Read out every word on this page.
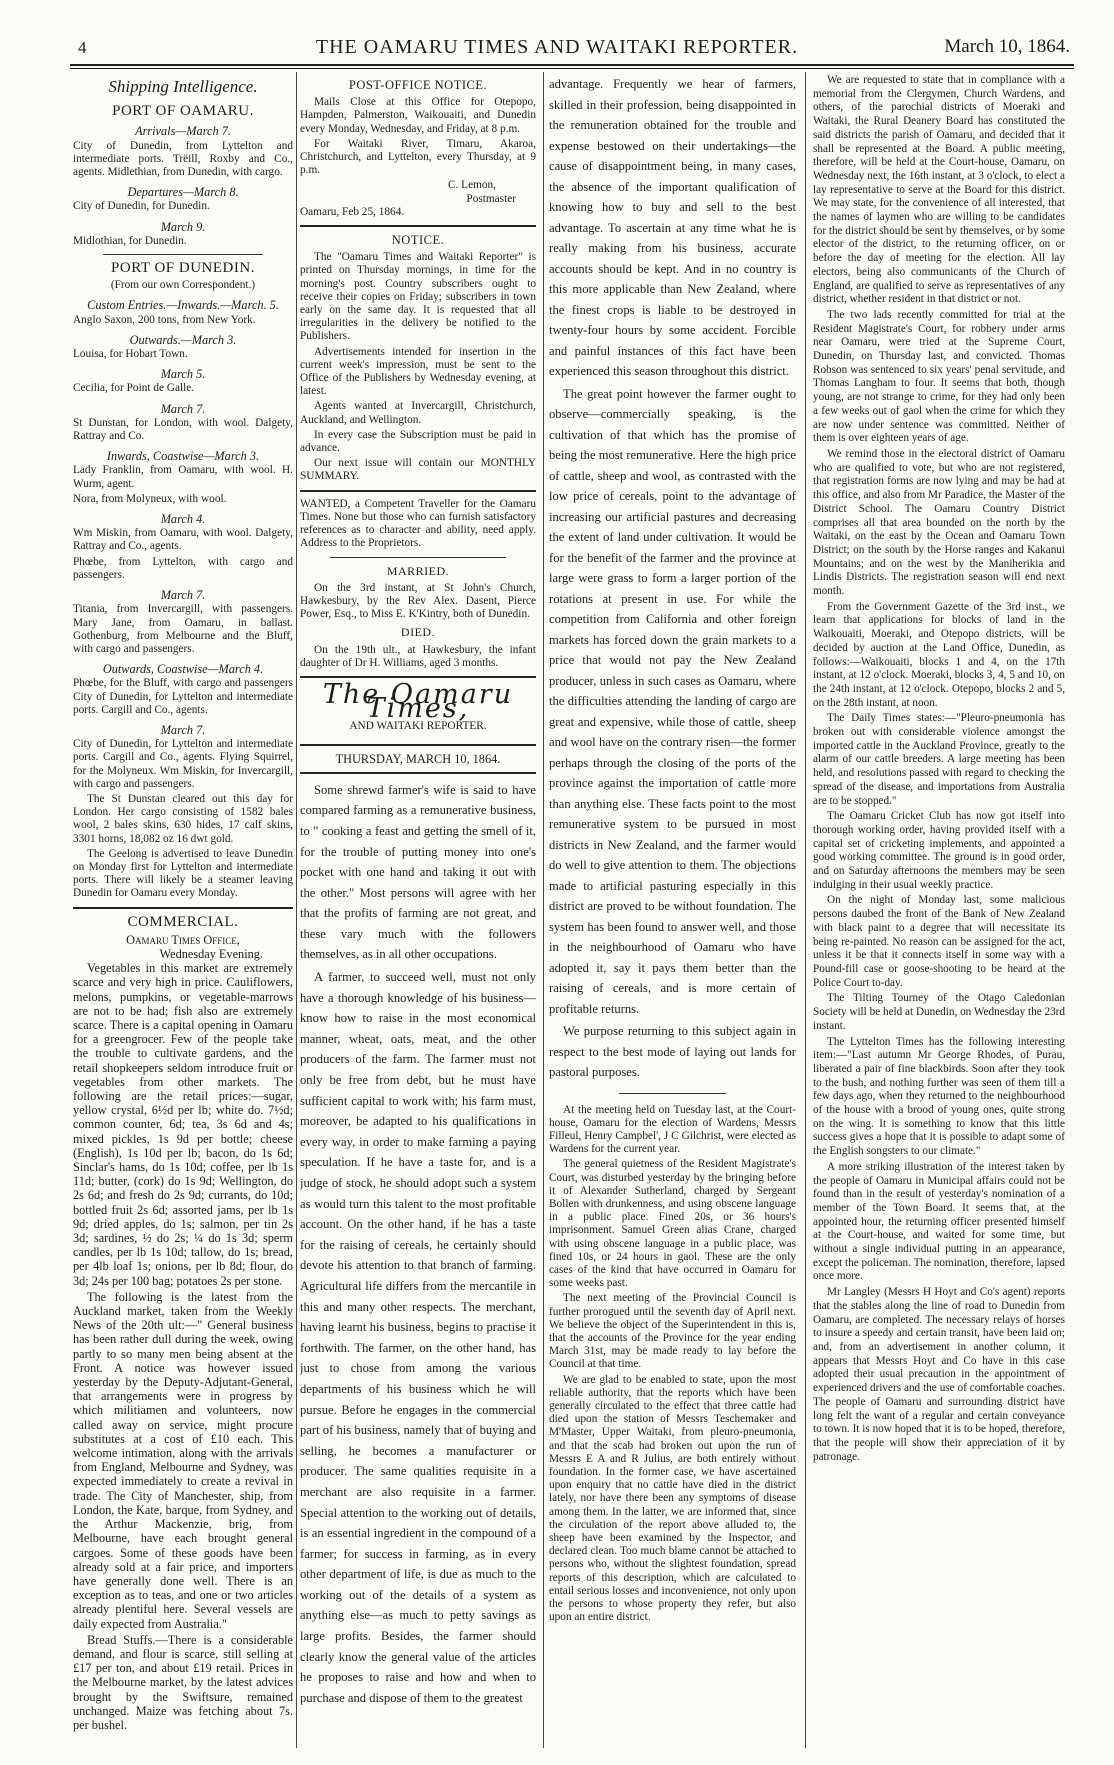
4	THE OAMARU TIMES AND WAITAKI REPORTER.	March 10, 1864.
Shipping Intelligence.
PORT OF OAMARU.
Arrivals—March 7.

City of Dunedin, from Lyttelton and intermediate ports. Trëill, Roxby and Co., agents. Midlethian, from Dunedin, with cargo.

Departures—March 8.

City of Dunedin, for Dunedin.

March 9.

Midlothian, for Dunedin.

PORT OF DUNEDIN.
(From our own Correspondent.)
Custom Entries.—Inwards.—March. 5.

Anglo Saxon, 200 tons, from New York.

Outwards.—March 3.

Louisa, for Hobart Town.

March 5.

Cecilia, for Point de Galle.

March 7.

St Dunstan, for London, with wool. Dalgety, Rattray and Co.

Inwards, Coastwise—March 3.

Lady Franklin, from Oamaru, with wool. H. Wurm, agent.

Nora, from Molyneux, with wool.

March 4.

Wm Miskin, from Oamaru, with wool. Dalgety, Rattray and Co., agents.

Phœbe, from Lyttelton, with cargo and passengers.

March 7.

Titania, from Invercargill, with passengers. Mary Jane, from Oamaru, in ballast. Gothenburg, from Melbourne and the Bluff, with cargo and passengers.

Outwards, Coastwise—March 4.

Phœbe, for the Bluff, with cargo and passengers City of Dunedin, for Lyttelton and intermediate ports. Cargill and Co., agents.

March 7.

City of Dunedin, for Lyttelton and intermediate ports. Cargill and Co., agents. Flying Squirrel, for the Molyneux. Wm Miskin, for Invercargill, with cargo and passengers.

The St Dunstan cleared out this day for London. Her cargo consisting of 1582 bales wool, 2 bales skins, 630 hides, 17 calf skins, 3301 horns, 18,082 oz 16 dwt gold.

The Geelong is advertised to leave Dunedin on Monday first for Lyttelton and intermediate ports. There will likely be a steamer leaving Dunedin for Oamaru every Monday.

COMMERCIAL.
Oamaru Times Office,
Wednesday Evening.

Vegetables in this market are extremely scarce and very high in price. Cauliflowers, melons, pumpkins, or vegetable-marrows are not to be had; fish also are extremely scarce. There is a capital opening in Oamaru for a greengrocer. Few of the people take the trouble to cultivate gardens, and the retail shopkeepers seldom introduce fruit or vegetables from other markets. The following are the retail prices:—sugar, yellow crystal, 6½d per lb; white do. 7½d; common counter, 6d; tea, 3s 6d and 4s; mixed pickles, 1s 9d per bottle; cheese (English), 1s 10d per lb; bacon, do 1s 6d; Sinclar's hams, do 1s 10d; coffee, per lb 1s 11d; butter, (cork) do 1s 9d; Wellington, do 2s 6d; and fresh do 2s 9d; currants, do 10d; bottled fruit 2s 6d; assorted jams, per lb 1s 9d; dried apples, do 1s; salmon, per tin 2s 3d; sardines, ½ do 2s; ¼ do 1s 3d; sperm candles, per lb 1s 10d; tallow, do 1s; bread, per 4lb loaf 1s; onions, per lb 8d; flour, do 3d; 24s per 100 bag; potatoes 2s per stone.

The following is the latest from the Auckland market, taken from the Weekly News of the 20th ult:—" General business has been rather dull during the week, owing partly to so many men being absent at the Front. A notice was however issued yesterday by the Deputy-Adjutant-General, that arrangements were in progress by which militiamen and volunteers, now called away on service, might procure substitutes at a cost of £10 each. This welcome intimation, along with the arrivals from England, Melbourne and Sydney, was expected immediately to create a revival in trade. The City of Manchester, ship, from London, the Kate, barque, from Sydney, and the Arthur Mackenzie, brig, from Melbourne, have each brought general cargoes. Some of these goods have been already sold at a fair price, and importers have generally done well. There is an exception as to teas, and one or two articles already plentiful here. Several vessels are daily expected from Australia."

Bread Stuffs.—There is a considerable demand, and flour is scarce, still selling at £17 per ton, and about £19 retail. Prices in the Melbourne market, by the latest advices brought by the Swiftsure, remained unchanged. Maize was fetching about 7s. per bushel.

POST-OFFICE NOTICE.

Mails Close at this Office for Otepopo, Hampden, Palmerston, Waikouaiti, and Dunedin every Monday, Wednesday, and Friday, at 8 p.m.

For Waitaki River, Timaru, Akaroa, Christchurch, and Lyttelton, every Thursday, at 9 p.m.

C. Lemon,
Postmaster
Oamaru, Feb 25, 1864.
NOTICE.

The "Oamaru Times and Waitaki Reporter" is printed on Thursday mornings, in time for the morning's post. Country subscribers ought to receive their copies on Friday; subscribers in town early on the same day. It is requested that all irregularities in the delivery be notified to the Publishers.

Advertisements intended for insertion in the current week's impression, must be sent to the Office of the Publishers by Wednesday evening, at latest.

Agents wanted at Invercargill, Christchurch, Auckland, and Wellington.

In every case the Subscription must be paid in advance.

Our next issue will contain our MONTHLY SUMMARY.

WANTED, a Competent Traveller for the Oamaru Times. None but those who can furnish satisfactory references as to character and ability, need apply. Address to the Proprietors.

MARRIED.

On the 3rd instant, at St John's Church, Hawkesbury, by the Rev Alex. Dasent, Pierce Power, Esq., to Miss E. K'Kintry, both of Dunedin.

DIED.

On the 19th ult., at Hawkesbury, the infant daughter of Dr H. Williams, aged 3 months.

The Oamaru Times,
AND WAITAKI REPORTER.
THURSDAY, MARCH 10, 1864.

Some shrewd farmer's wife is said to have compared farming as a remunerative business, to " cooking a feast and getting the smell of it, for the trouble of putting money into one's pocket with one hand and taking it out with the other." Most persons will agree with her that the profits of farming are not great, and these vary much with the followers themselves, as in all other occupations.

A farmer, to succeed well, must not only have a thorough knowledge of his business—know how to raise in the most economical manner, wheat, oats, meat, and the other producers of the farm. The farmer must not only be free from debt, but he must have sufficient capital to work with; his farm must, moreover, be adapted to his qualifications in every way, in order to make farming a paying speculation. If he have a taste for, and is a judge of stock, he should adopt such a system as would turn this talent to the most profitable account. On the other hand, if he has a taste for the raising of cereals, he certainly should devote his attention to that branch of farming. Agricultural life differs from the mercantile in this and many other respects. The merchant, having learnt his business, begins to practise it forthwith. The farmer, on the other hand, has just to chose from among the various departments of his business which he will pursue. Before he engages in the commercial part of his business, namely that of buying and selling, he becomes a manufacturer or producer. The same qualities requisite in a merchant are also requisite in a farmer. Special attention to the working out of details, is an essential ingredient in the compound of a farmer; for success in farming, as in every other department of life, is due as much to the working out of the details of a system as anything else—as much to petty savings as large profits. Besides, the farmer should clearly know the general value of the articles he proposes to raise and how and when to purchase and dispose of them to the greatest

advantage. Frequently we hear of farmers, skilled in their profession, being disappointed in the remuneration obtained for the trouble and expense bestowed on their undertakings—the cause of disappointment being, in many cases, the absence of the important qualification of knowing how to buy and sell to the best advantage. To ascertain at any time what he is really making from his business, accurate accounts should be kept. And in no country is this more applicable than New Zealand, where the finest crops is liable to be destroyed in twenty-four hours by some accident. Forcible and painful instances of this fact have been experienced this season throughout this district.

The great point however the farmer ought to observe—commercially speaking, is the cultivation of that which has the promise of being the most remunerative. Here the high price of cattle, sheep and wool, as contrasted with the low price of cereals, point to the advantage of increasing our artificial pastures and decreasing the extent of land under cultivation. It would be for the benefit of the farmer and the province at large were grass to form a larger portion of the rotations at present in use. For while the competition from California and other foreign markets has forced down the grain markets to a price that would not pay the New Zealand producer, unless in such cases as Oamaru, where the difficulties attending the landing of cargo are great and expensive, while those of cattle, sheep and wool have on the contrary risen—the former perhaps through the closing of the ports of the province against the importation of cattle more than anything else. These facts point to the most remunerative system to be pursued in most districts in New Zealand, and the farmer would do well to give attention to them. The objections made to artificial pasturing especially in this district are proved to be without foundation. The system has been found to answer well, and those in the neighbourhood of Oamaru who have adopted it, say it pays them better than the raising of cereals, and is more certain of profitable returns.

We purpose returning to this subject again in respect to the best mode of laying out lands for pastoral purposes.

At the meeting held on Tuesday last, at the Court-house, Oamaru for the election of Wardens, Messrs Filleul, Henry Campbel', J C Gilchrist, were elected as Wardens for the current year.

The general quietness of the Resident Magistrate's Court, was disturbed yesterday by the bringing before it of Alexander Sutherland, charged by Sergeant Bollen with drunkenness, and using obscene language in a public place. Fined 20s, or 36 hours's imprisonment. Samuel Green alias Crane, charged with using obscene language in a public place, was fined 10s, or 24 hours in gaol. These are the only cases of the kind that have occurred in Oamaru for some weeks past.

The next meeting of the Provincial Council is further prorogued until the seventh day of April next. We believe the object of the Superintendent in this is, that the accounts of the Province for the year ending March 31st, may be made ready to lay before the Council at that time.

We are glad to be enabled to state, upon the most reliable authority, that the reports which have been generally circulated to the effect that three cattle had died upon the station of Messrs Teschemaker and M'Master, Upper Waitaki, from pleuro-pneumonia, and that the scab had broken out upon the run of Messrs E A and R Julius, are both entirely without foundation. In the former case, we have ascertained upon enquiry that no cattle have died in the district lately, nor have there been any symptoms of disease among them. In the latter, we are informed that, since the circulation of the report above alluded to, the sheep have been examined by the Inspector, and declared clean. Too much blame cannot be attached to persons who, without the slightest foundation, spread reports of this description, which are calculated to entail serious losses and inconvenience, not only upon the persons to whose property they refer, but also upon an entire district.

We are requested to state that in compliance with a memorial from the Clergymen, Church Wardens, and others, of the parochial districts of Moeraki and Waitaki, the Rural Deanery Board has constituted the said districts the parish of Oamaru, and decided that it shall be represented at the Board. A public meeting, therefore, will be held at the Court-house, Oamaru, on Wednesday next, the 16th instant, at 3 o'clock, to elect a lay representative to serve at the Board for this district. We may state, for the convenience of all interested, that the names of laymen who are willing to be candidates for the district should be sent by themselves, or by some elector of the district, to the returning officer, on or before the day of meeting for the election. All lay electors, being also communicants of the Church of England, are qualified to serve as representatives of any district, whether resident in that district or not.

The two lads recently committed for trial at the Resident Magistrate's Court, for robbery under arms near Oamaru, were tried at the Supreme Court, Dunedin, on Thursday last, and convicted. Thomas Robson was sentenced to six years' penal servitude, and Thomas Langham to four. It seems that both, though young, are not strange to crime, for they had only been a few weeks out of gaol when the crime for which they are now under sentence was committed. Neither of them is over eighteen years of age.

We remind those in the electoral district of Oamaru who are qualified to vote, but who are not registered, that registration forms are now lying and may be had at this office, and also from Mr Paradice, the Master of the District School. The Oamaru Country District comprises all that area bounded on the north by the Waitaki, on the east by the Ocean and Oamaru Town District; on the south by the Horse ranges and Kakanui Mountains; and on the west by the Maniherikia and Lindis Districts. The registration season will end next month.

From the Government Gazette of the 3rd inst., we learn that applications for blocks of land in the Waikouaiti, Moeraki, and Otepopo districts, will be decided by auction at the Land Office, Dunedin, as follows:—Waikouaiti, blocks 1 and 4, on the 17th instant, at 12 o'clock. Moeraki, blocks 3, 4, 5 and 10, on the 24th instant, at 12 o'clock. Otepopo, blocks 2 and 5, on the 28th instant, at noon.

The Daily Times states:—"Pleuro-pneumonia has broken out with considerable violence amongst the imported cattle in the Auckland Province, greatly to the alarm of our cattle breeders. A large meeting has been held, and resolutions passed with regard to checking the spread of the disease, and importations from Australia are to be stopped."

The Oamaru Cricket Club has now got itself into thorough working order, having provided itself with a capital set of cricketing implements, and appointed a good working committee. The ground is in good order, and on Saturday afternoons the members may be seen indulging in their usual weekly practice.

On the night of Monday last, some malicious persons daubed the front of the Bank of New Zealand with black paint to a degree that will necessitate its being re-painted. No reason can be assigned for the act, unless it be that it connects itself in some way with a Pound-fill case or goose-shooting to be heard at the Police Court to-day.

The Tilting Tourney of the Otago Caledonian Society will be held at Dunedin, on Wednesday the 23rd instant.

The Lyttelton Times has the following interesting item:—"Last autumn Mr George Rhodes, of Purau, liberated a pair of fine blackbirds. Soon after they took to the bush, and nothing further was seen of them till a few days ago, when they returned to the neighbourhood of the house with a brood of young ones, quite strong on the wing. It is something to know that this little success gives a hope that it is possible to adapt some of the English songsters to our climate."

A more striking illustration of the interest taken by the people of Oamaru in Municipal affairs could not be found than in the result of yesterday's nomination of a member of the Town Board. It seems that, at the appointed hour, the returning officer presented himself at the Court-house, and waited for some time, but without a single individual putting in an appearance, except the policeman. The nomination, therefore, lapsed once more.

Mr Langley (Messrs H Hoyt and Co's agent) reports that the stables along the line of road to Dunedin from Oamaru, are completed. The necessary relays of horses to insure a speedy and certain transit, have been laid on; and, from an advertisement in another column, it appears that Messrs Hoyt and Co have in this case adopted their usual precaution in the appointment of experienced drivers and the use of comfortable coaches. The people of Oamaru and surrounding district have long felt the want of a regular and certain conveyance to town. It is now hoped that it is to be hoped, therefore, that the people will show their appreciation of it by patronage.
